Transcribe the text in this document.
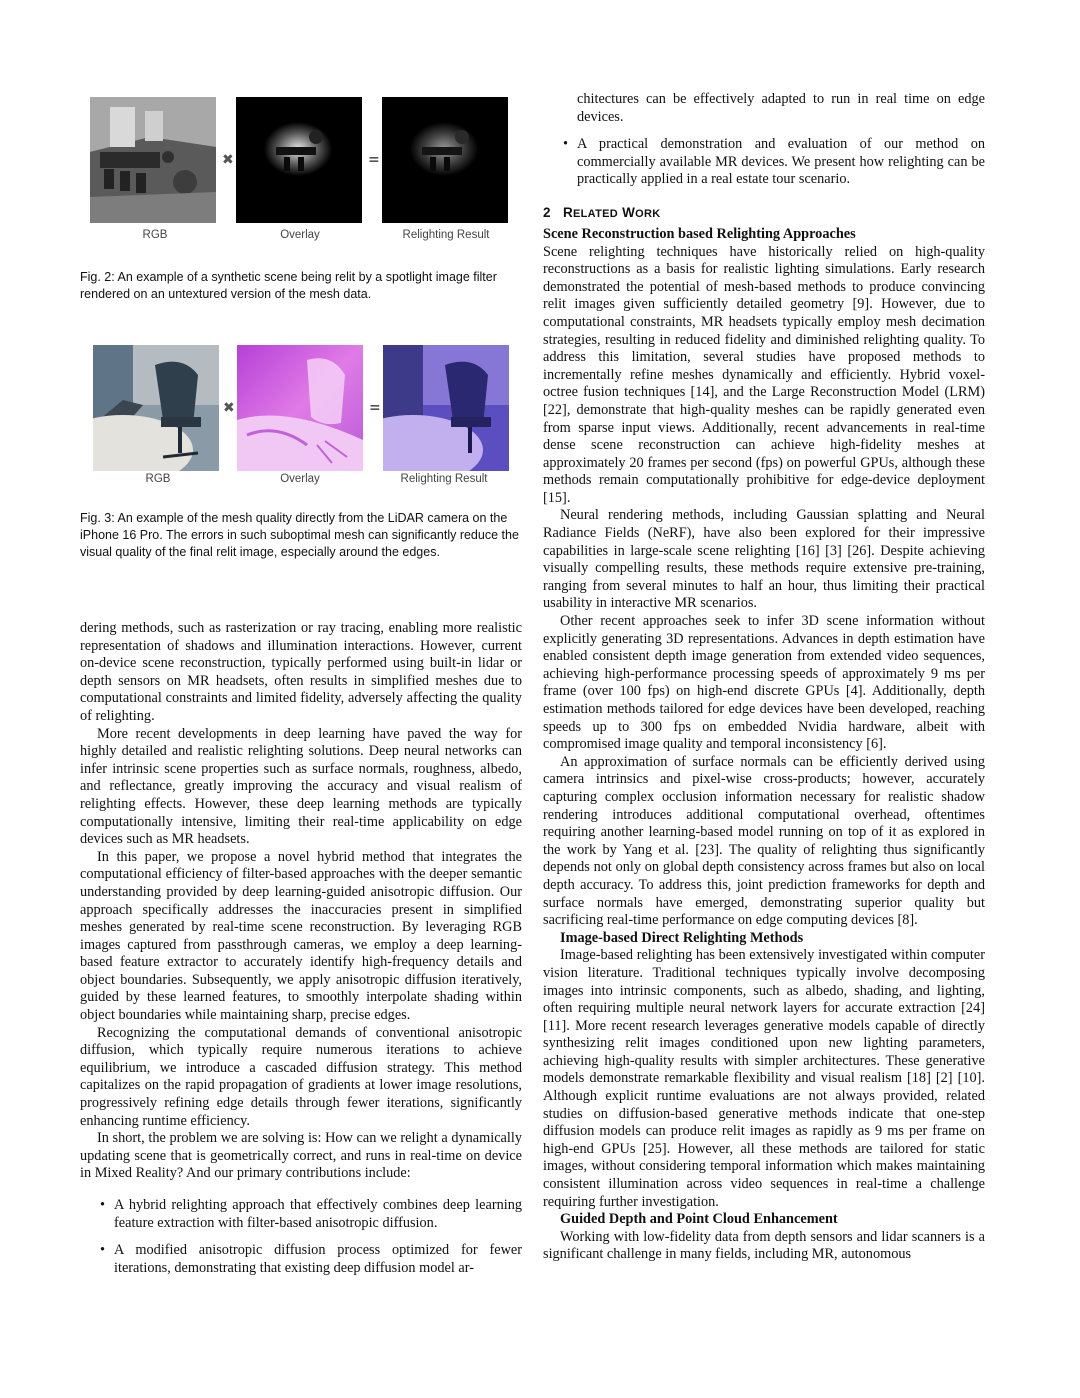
✖	=
RGB	Overlay	Relighting Result

Fig. 2: An example of a synthetic scene being relit by a spotlight image filter rendered on an untextured version of the mesh data.

✖	=
RGB	Overlay	Relighting Result

Fig. 3: An example of the mesh quality directly from the LiDAR camera on the iPhone 16 Pro. The errors in such suboptimal mesh can significantly reduce the visual quality of the final relit image, especially around the edges.

dering methods, such as rasterization or ray tracing, enabling more realistic representation of shadows and illumination interactions. However, current on-device scene reconstruction, typically performed using built-in lidar or depth sensors on MR headsets, often results in simplified meshes due to computational constraints and limited fidelity, adversely affecting the quality of relighting.

More recent developments in deep learning have paved the way for highly detailed and realistic relighting solutions. Deep neural networks can infer intrinsic scene properties such as surface normals, roughness, albedo, and reflectance, greatly improving the accuracy and visual realism of relighting effects. However, these deep learning methods are typically computationally intensive, limiting their real-time applicability on edge devices such as MR headsets.

In this paper, we propose a novel hybrid method that integrates the computational efficiency of filter-based approaches with the deeper semantic understanding provided by deep learning-guided anisotropic diffusion. Our approach specifically addresses the inaccuracies present in simplified meshes generated by real-time scene reconstruction. By leveraging RGB images captured from passthrough cameras, we employ a deep learning-based feature extractor to accurately identify high-frequency details and object boundaries. Subsequently, we apply anisotropic diffusion iteratively, guided by these learned features, to smoothly interpolate shading within object boundaries while maintaining sharp, precise edges.

Recognizing the computational demands of conventional anisotropic diffusion, which typically require numerous iterations to achieve equilibrium, we introduce a cascaded diffusion strategy. This method capitalizes on the rapid propagation of gradients at lower image resolutions, progressively refining edge details through fewer iterations, significantly enhancing runtime efficiency.

In short, the problem we are solving is: How can we relight a dynamically updating scene that is geometrically correct, and runs in real-time on device in Mixed Reality? And our primary contributions include:

• A hybrid relighting approach that effectively combines deep learning feature extraction with filter-based anisotropic diffusion.
• A modified anisotropic diffusion process optimized for fewer iterations, demonstrating that existing deep diffusion model ar-
chitectures can be effectively adapted to run in real time on edge devices.
• A practical demonstration and evaluation of our method on commercially available MR devices. We present how relighting can be practically applied in a real estate tour scenario.

2 RELATED WORK

Scene Reconstruction based Relighting Approaches

Scene relighting techniques have historically relied on high-quality reconstructions as a basis for realistic lighting simulations. Early research demonstrated the potential of mesh-based methods to produce convincing relit images given sufficiently detailed geometry [9]. However, due to computational constraints, MR headsets typically employ mesh decimation strategies, resulting in reduced fidelity and diminished relighting quality. To address this limitation, several studies have proposed methods to incrementally refine meshes dynamically and efficiently. Hybrid voxel-octree fusion techniques [14], and the Large Reconstruction Model (LRM) [22], demonstrate that high-quality meshes can be rapidly generated even from sparse input views. Additionally, recent advancements in real-time dense scene reconstruction can achieve high-fidelity meshes at approximately 20 frames per second (fps) on powerful GPUs, although these methods remain computationally prohibitive for edge-device deployment [15].

Neural rendering methods, including Gaussian splatting and Neural Radiance Fields (NeRF), have also been explored for their impressive capabilities in large-scale scene relighting [16] [3] [26]. Despite achieving visually compelling results, these methods require extensive pre-training, ranging from several minutes to half an hour, thus limiting their practical usability in interactive MR scenarios.

Other recent approaches seek to infer 3D scene information without explicitly generating 3D representations. Advances in depth estimation have enabled consistent depth image generation from extended video sequences, achieving high-performance processing speeds of approximately 9 ms per frame (over 100 fps) on high-end discrete GPUs [4]. Additionally, depth estimation methods tailored for edge devices have been developed, reaching speeds up to 300 fps on embedded Nvidia hardware, albeit with compromised image quality and temporal inconsistency [6].

An approximation of surface normals can be efficiently derived using camera intrinsics and pixel-wise cross-products; however, accurately capturing complex occlusion information necessary for realistic shadow rendering introduces additional computational overhead, oftentimes requiring another learning-based model running on top of it as explored in the work by Yang et al. [23]. The quality of relighting thus significantly depends not only on global depth consistency across frames but also on local depth accuracy. To address this, joint prediction frameworks for depth and surface normals have emerged, demonstrating superior quality but sacrificing real-time performance on edge computing devices [8].

Image-based Direct Relighting Methods

Image-based relighting has been extensively investigated within computer vision literature. Traditional techniques typically involve decomposing images into intrinsic components, such as albedo, shading, and lighting, often requiring multiple neural network layers for accurate extraction [24] [11]. More recent research leverages generative models capable of directly synthesizing relit images conditioned upon new lighting parameters, achieving high-quality results with simpler architectures. These generative models demonstrate remarkable flexibility and visual realism [18] [2] [10]. Although explicit runtime evaluations are not always provided, related studies on diffusion-based generative methods indicate that one-step diffusion models can produce relit images as rapidly as 9 ms per frame on high-end GPUs [25]. However, all these methods are tailored for static images, without considering temporal information which makes maintaining consistent illumination across video sequences in real-time a challenge requiring further investigation.

Guided Depth and Point Cloud Enhancement

Working with low-fidelity data from depth sensors and lidar scanners is a significant challenge in many fields, including MR, autonomous
